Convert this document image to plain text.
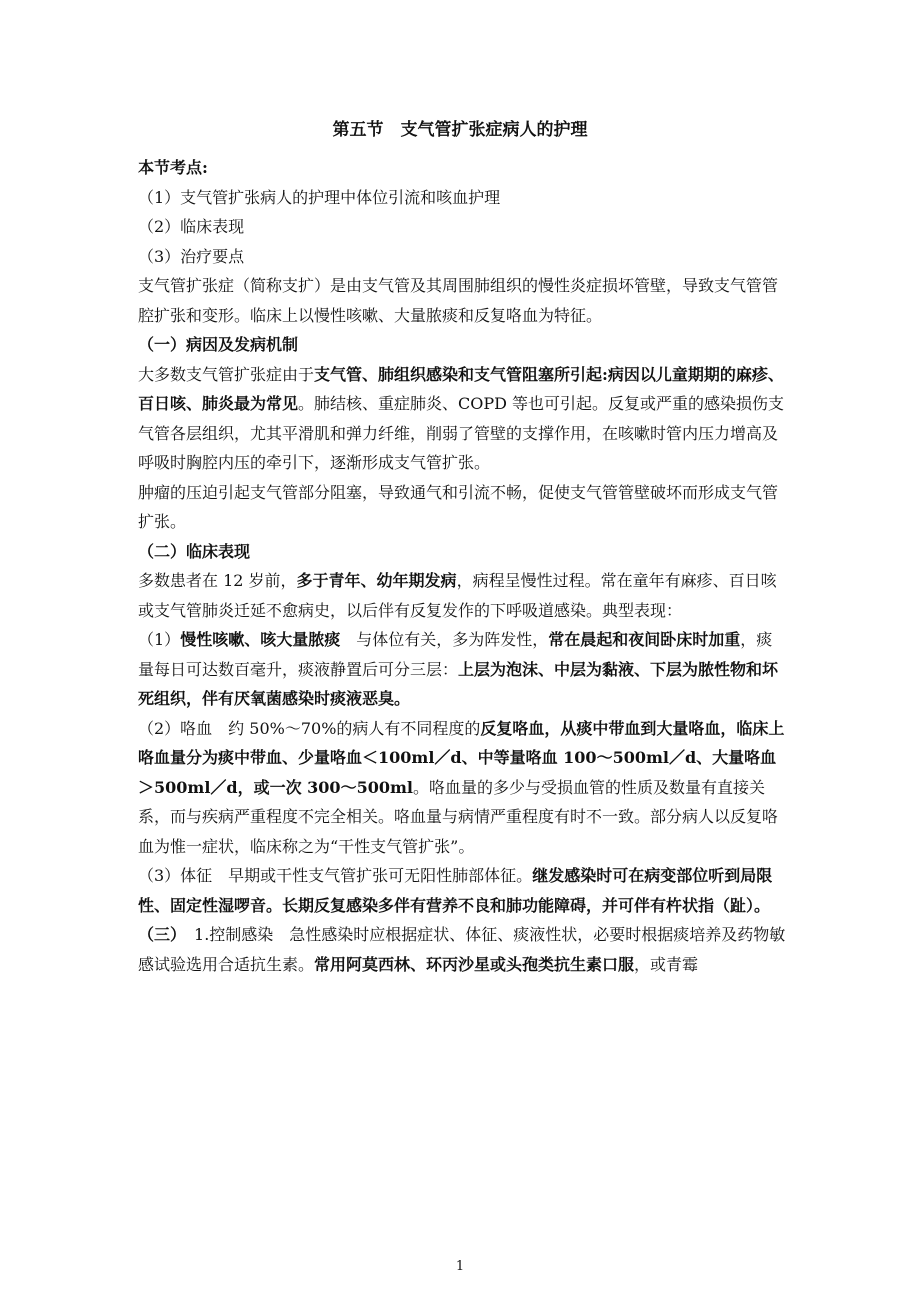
第五节　支气管扩张症病人的护理

本节考点:

（1）支气管扩张病人的护理中体位引流和咳血护理

（2）临床表现

（3）治疗要点

支气管扩张症（简称支扩）是由支气管及其周围肺组织的慢性炎症损坏管壁，导致支气管管腔扩张和变形。临床上以慢性咳嗽、大量脓痰和反复咯血为特征。

（一）病因及发病机制

大多数支气管扩张症由于支气管、肺组织感染和支气管阻塞所引起:病因以儿童期期的麻疹、百日咳、肺炎最为常见。肺结核、重症肺炎、COPD 等也可引起。反复或严重的感染损伤支气管各层组织，尤其平滑肌和弹力纤维，削弱了管壁的支撑作用，在咳嗽时管内压力增高及呼吸时胸腔内压的牵引下，逐渐形成支气管扩张。

肿瘤的压迫引起支气管部分阻塞，导致通气和引流不畅，促使支气管管壁破坏而形成支气管扩张。

（二）临床表现

多数患者在 12 岁前，多于青年、幼年期发病，病程呈慢性过程。常在童年有麻疹、百日咳或支气管肺炎迁延不愈病史，以后伴有反复发作的下呼吸道感染。典型表现：

（1）慢性咳嗽、咳大量脓痰　与体位有关，多为阵发性，常在晨起和夜间卧床时加重，痰量每日可达数百毫升，痰液静置后可分三层：上层为泡沫、中层为黏液、下层为脓性物和坏死组织，伴有厌氧菌感染时痰液恶臭。

（2）咯血　约 50%～70%的病人有不同程度的反复咯血，从痰中带血到大量咯血，临床上咯血量分为痰中带血、少量咯血＜100ml／d、中等量咯血 100～500ml／d、大量咯血＞500ml／d，或一次 300～500ml。咯血量的多少与受损血管的性质及数量有直接关系，而与疾病严重程度不完全相关。咯血量与病情严重程度有时不一致。部分病人以反复咯血为惟一症状，临床称之为“干性支气管扩张”。

（3）体征　早期或干性支气管扩张可无阳性肺部体征。继发感染时可在病变部位听到局限性、固定性湿啰音。长期反复感染多伴有营养不良和肺功能障碍，并可伴有杵状指（趾）。

（三）　1.控制感染　急性感染时应根据症状、体征、痰液性状，必要时根据痰培养及药物敏感试验选用合适抗生素。常用阿莫西林、环丙沙星或头孢类抗生素口服，或青霉

1
